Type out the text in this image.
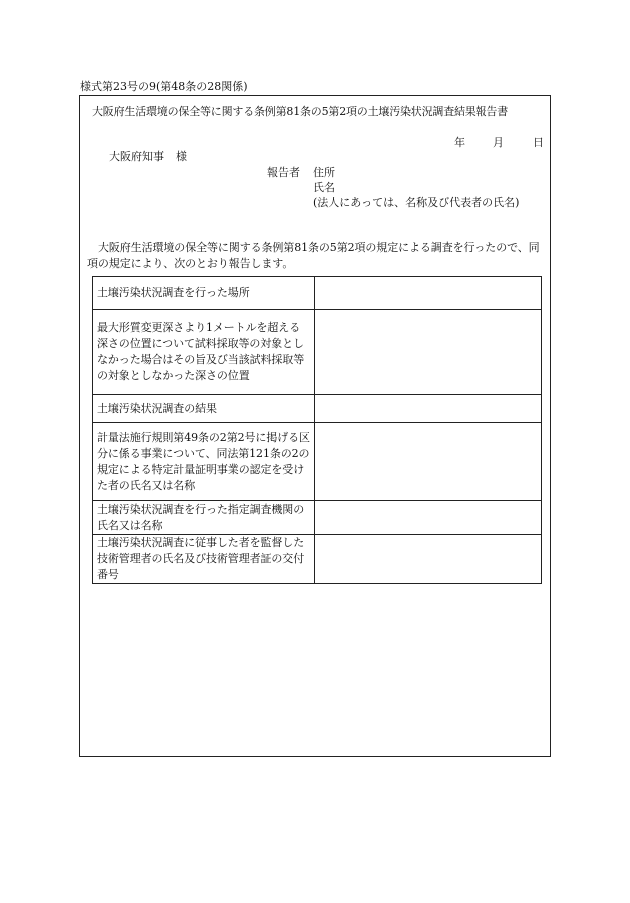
様式第23号の9(第48条の28関係)
大阪府生活環境の保全等に関する条例第81条の5第2項の土壌汚染状況調査結果報告書
年	月	日
大阪府知事 様
報告者 住所
氏名
(法人にあっては、名称及び代表者の氏名)
大阪府生活環境の保全等に関する条例第81条の5第2項の規定による調査を行ったので、同項の規定により、次のとおり報告します。
土壌汚染状況調査を行った場所	
最大形質変更深さより1メートルを超える深さの位置について試料採取等の対象としなかった場合はその旨及び当該試料採取等の対象としなかった深さの位置	
土壌汚染状況調査の結果	
計量法施行規則第49条の2第2号に掲げる区分に係る事業について、同法第121条の2の規定による特定計量証明事業の認定を受けた者の氏名又は名称	
土壌汚染状況調査を行った指定調査機関の氏名又は名称	
土壌汚染状況調査に従事した者を監督した技術管理者の氏名及び技術管理者証の交付番号	
